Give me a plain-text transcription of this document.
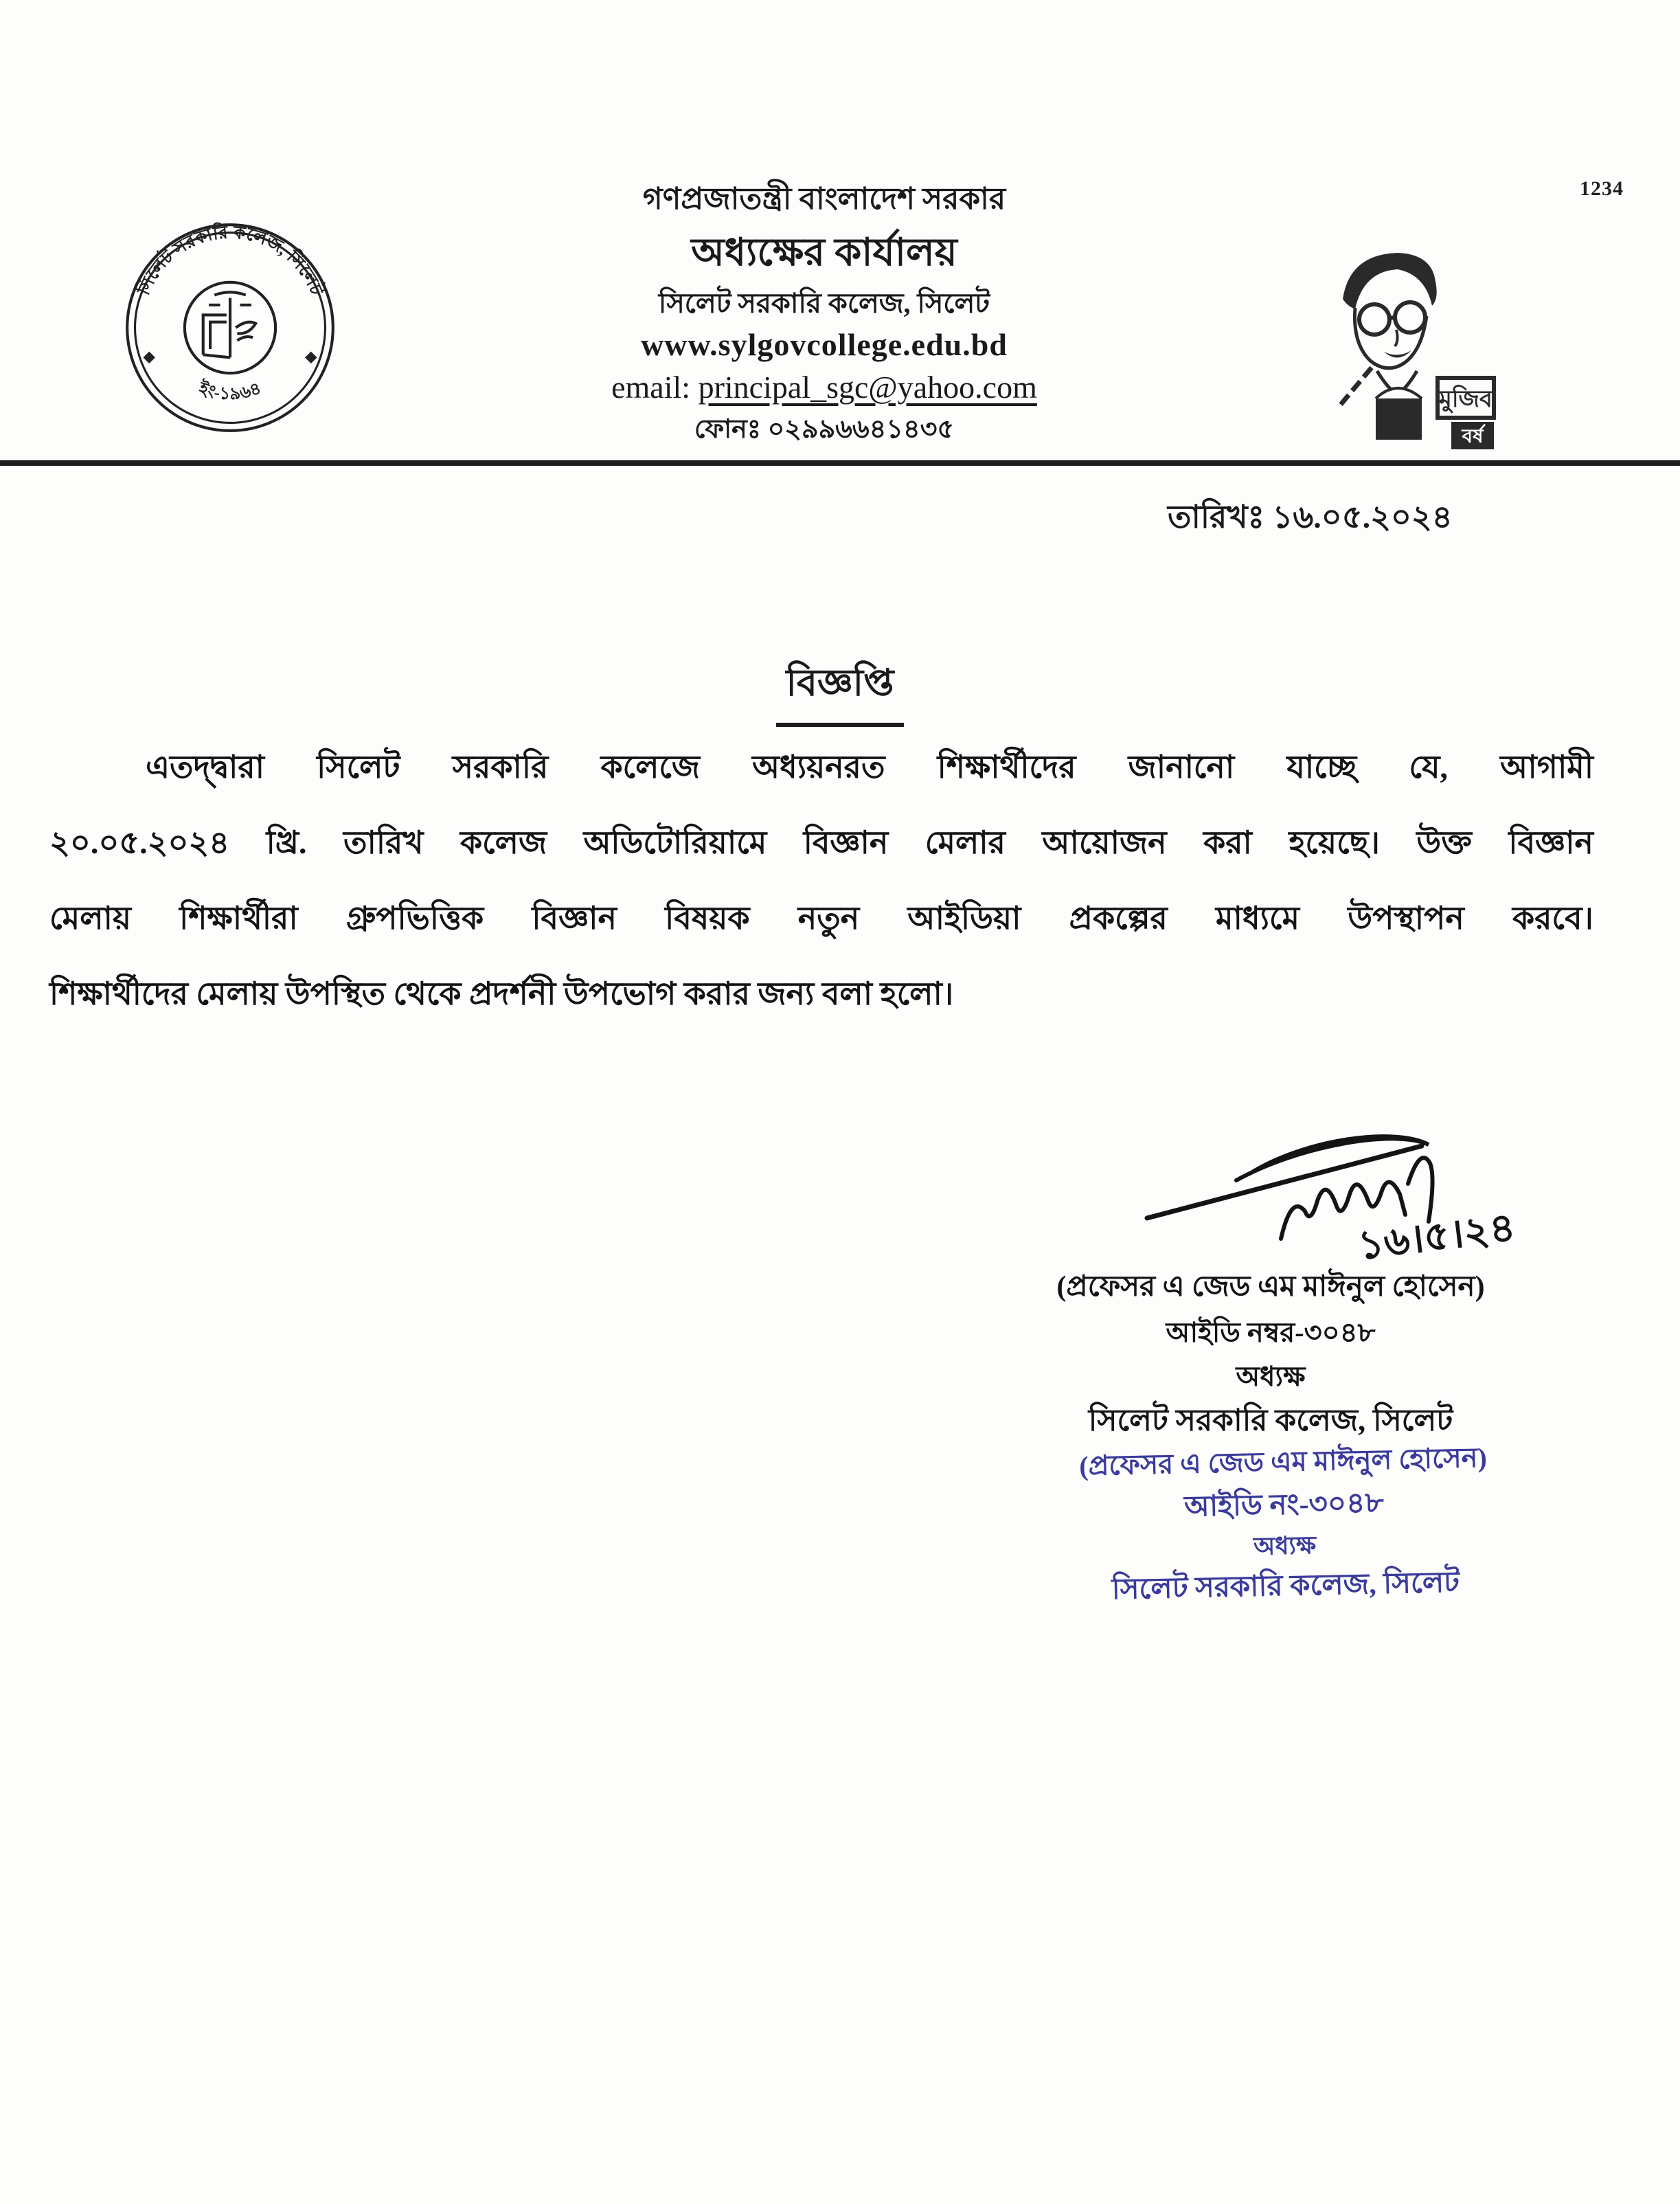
1234
সিলেট সরকারি কলেজ, সিলেট
ইং-১৯৬৪	মুজিব
বর্ষ
গণপ্রজাতন্ত্রী বাংলাদেশ সরকার
অধ্যক্ষের কার্যালয়
সিলেট সরকারি কলেজ, সিলেট
www.sylgovcollege.edu.bd
email: principal_sgc@yahoo.com
ফোনঃ ০২৯৯৬৬৪১৪৩৫
তারিখঃ ১৬.০৫.২০২৪
বিজ্ঞপ্তি
এতদ্দ্বারা সিলেট সরকারি কলেজে অধ্যয়নরত শিক্ষার্থীদের জানানো যাচ্ছে যে, আগামী
২০.০৫.২০২৪ খ্রি. তারিখ কলেজ অডিটোরিয়ামে বিজ্ঞান মেলার আয়োজন করা হয়েছে। উক্ত বিজ্ঞান
মেলায় শিক্ষার্থীরা গ্রুপভিত্তিক বিজ্ঞান বিষয়ক নতুন আইডিয়া প্রকল্পের মাধ্যমে উপস্থাপন করবে।
শিক্ষার্থীদের মেলায় উপস্থিত থেকে প্রদর্শনী উপভোগ করার জন্য বলা হলো।
১৬।৫।২৪
(প্রফেসর এ জেড এম মাঈনুল হোসেন)
আইডি নম্বর-৩০৪৮
অধ্যক্ষ
সিলেট সরকারি কলেজ, সিলেট
(প্রফেসর এ জেড এম মাঈনুল হোসেন)
আইডি নং-৩০৪৮
অধ্যক্ষ
সিলেট সরকারি কলেজ, সিলেট
